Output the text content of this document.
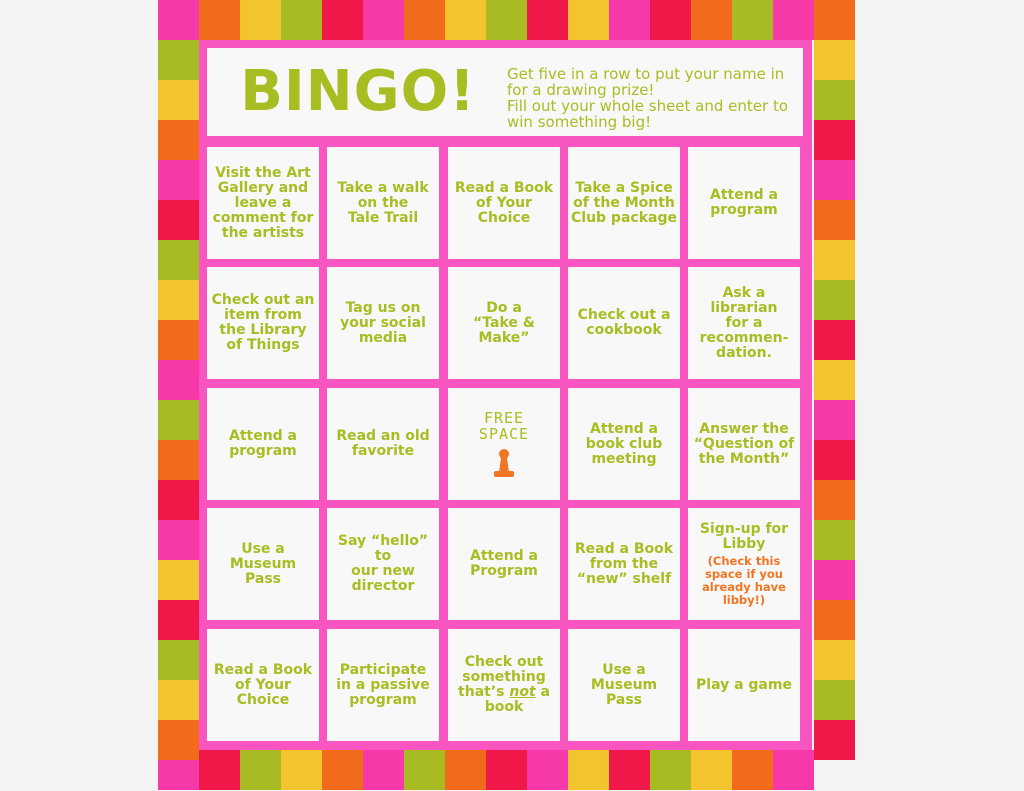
BINGO!	Get five in a row to put your name in
for a drawing prize!
Fill out your whole sheet and enter to
win something big!
Visit the Art
Gallery and
leave a
comment for
the artists
Take a walk
on the
Tale Trail
Read a Book
of Your
Choice
Take a Spice
of the Month
Club package
Attend a
program
Check out an
item from
the Library
of Things
Tag us on
your social
media
Do a
“Take & Make”
Check out a
cookbook
Ask a
librarian
for a
recommen-
dation.
Attend a
program
Read an old
favorite
FREE
SPACE	Attend a
book club
meeting
Answer the
“Question of
the Month”
Use a
Museum
Pass
Say “hello” to
our new
director
Attend a
Program
Read a Book
from the
“new” shelf
Sign-up for
Libby
(Check this
space if you
already have
libby!)
Read a Book
of Your
Choice
Participate
in a passive
program
Check out
something
that’s not a
book
Use a
Museum
Pass
Play a game
